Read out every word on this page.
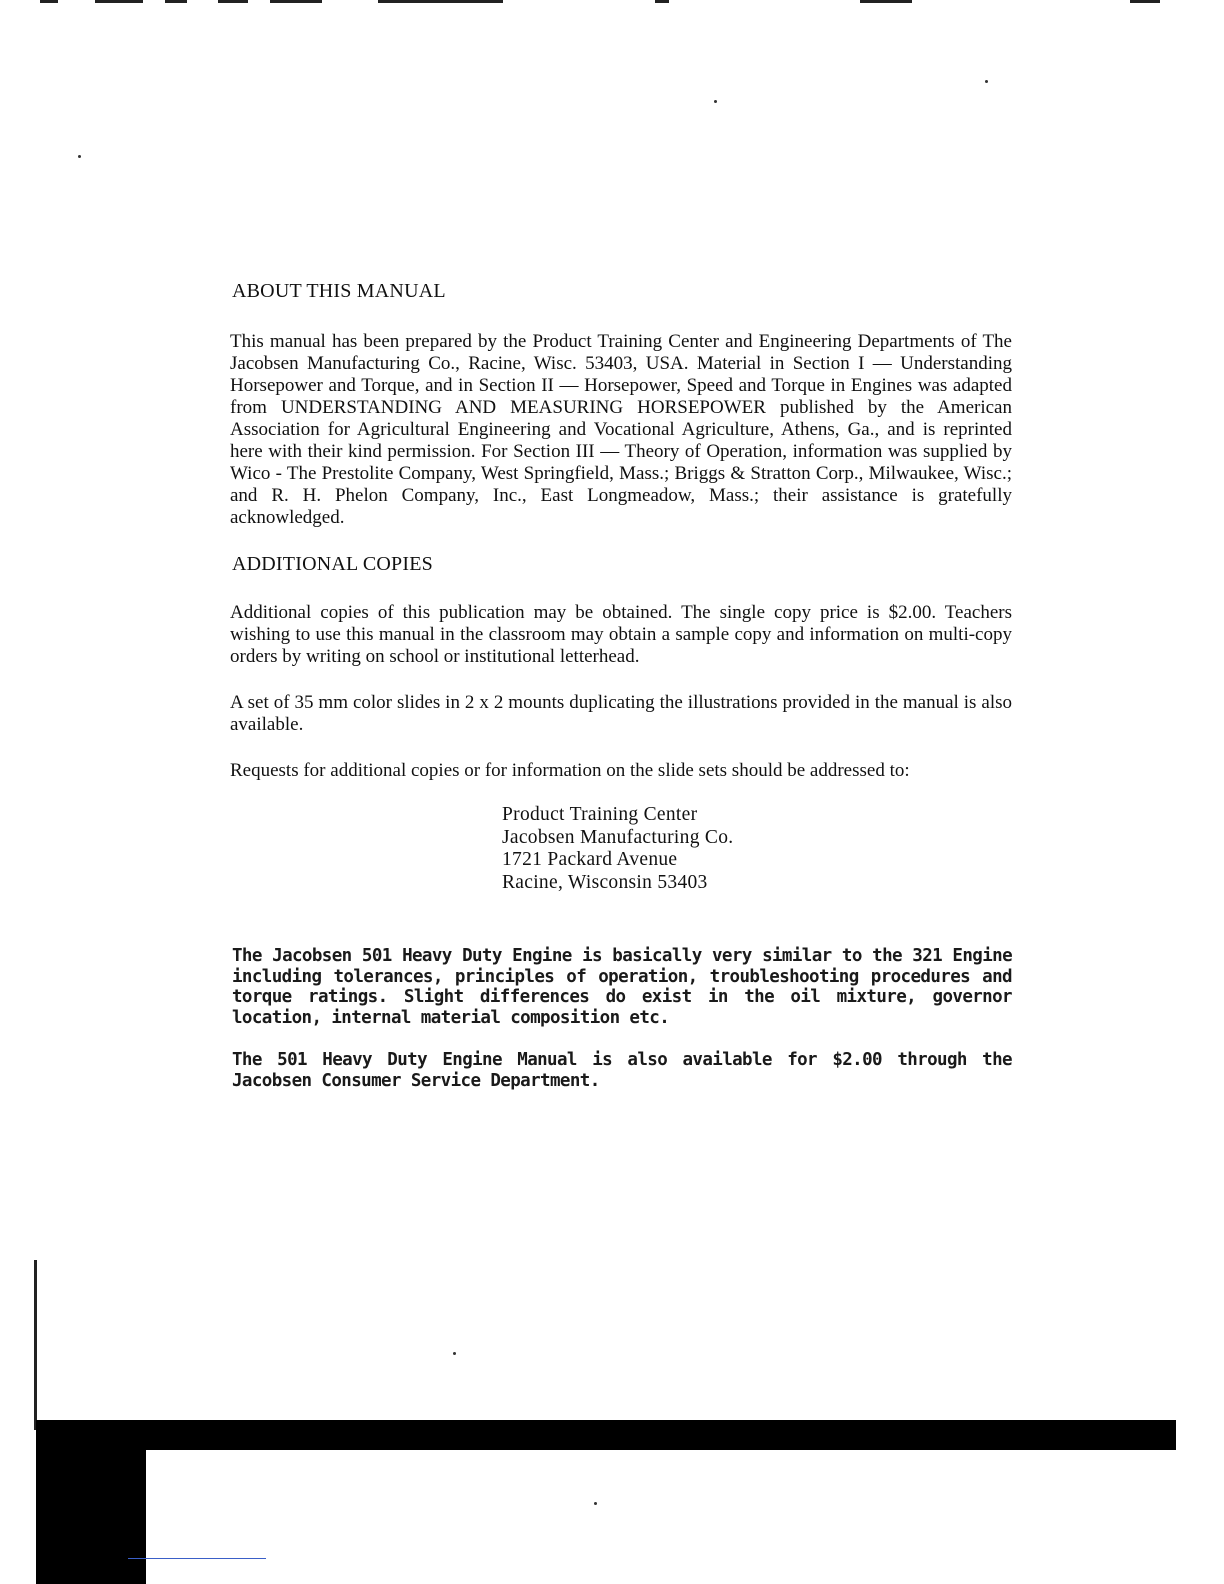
ABOUT THIS MANUAL

This manual has been prepared by the Product Training Center and Engineering Departments of The Jacobsen Manufacturing Co., Racine, Wisc. 53403, USA. Material in Section I — Understanding Horsepower and Torque, and in Section II — Horsepower, Speed and Torque in Engines was adapted from UNDERSTANDING AND MEASURING HORSEPOWER published by the American Association for Agricultural Engineering and Vocational Agriculture, Athens, Ga., and is reprinted here with their kind permission. For Section III — Theory of Operation, information was supplied by Wico - The Prestolite Company, West Springfield, Mass.; Briggs & Stratton Corp., Milwaukee, Wisc.; and R. H. Phelon Company, Inc., East Longmeadow, Mass.; their assistance is gratefully acknowledged.

ADDITIONAL COPIES

Additional copies of this publication may be obtained. The single copy price is $2.00. Teachers wishing to use this manual in the classroom may obtain a sample copy and information on multi-copy orders by writing on school or institutional letterhead.

A set of 35 mm color slides in 2 x 2 mounts duplicating the illustrations provided in the manual is also available.

Requests for additional copies or for information on the slide sets should be addressed to:

Product Training Center
Jacobsen Manufacturing Co.
1721 Packard Avenue
Racine, Wisconsin 53403

The Jacobsen 501 Heavy Duty Engine is basically very similar to the 321 Engine including tolerances, principles of operation, troubleshooting procedures and torque ratings. Slight differences do exist in the oil mixture, governor location, internal material composition etc.

The 501 Heavy Duty Engine Manual is also available for $2.00 through the Jacobsen Consumer Service Department.
